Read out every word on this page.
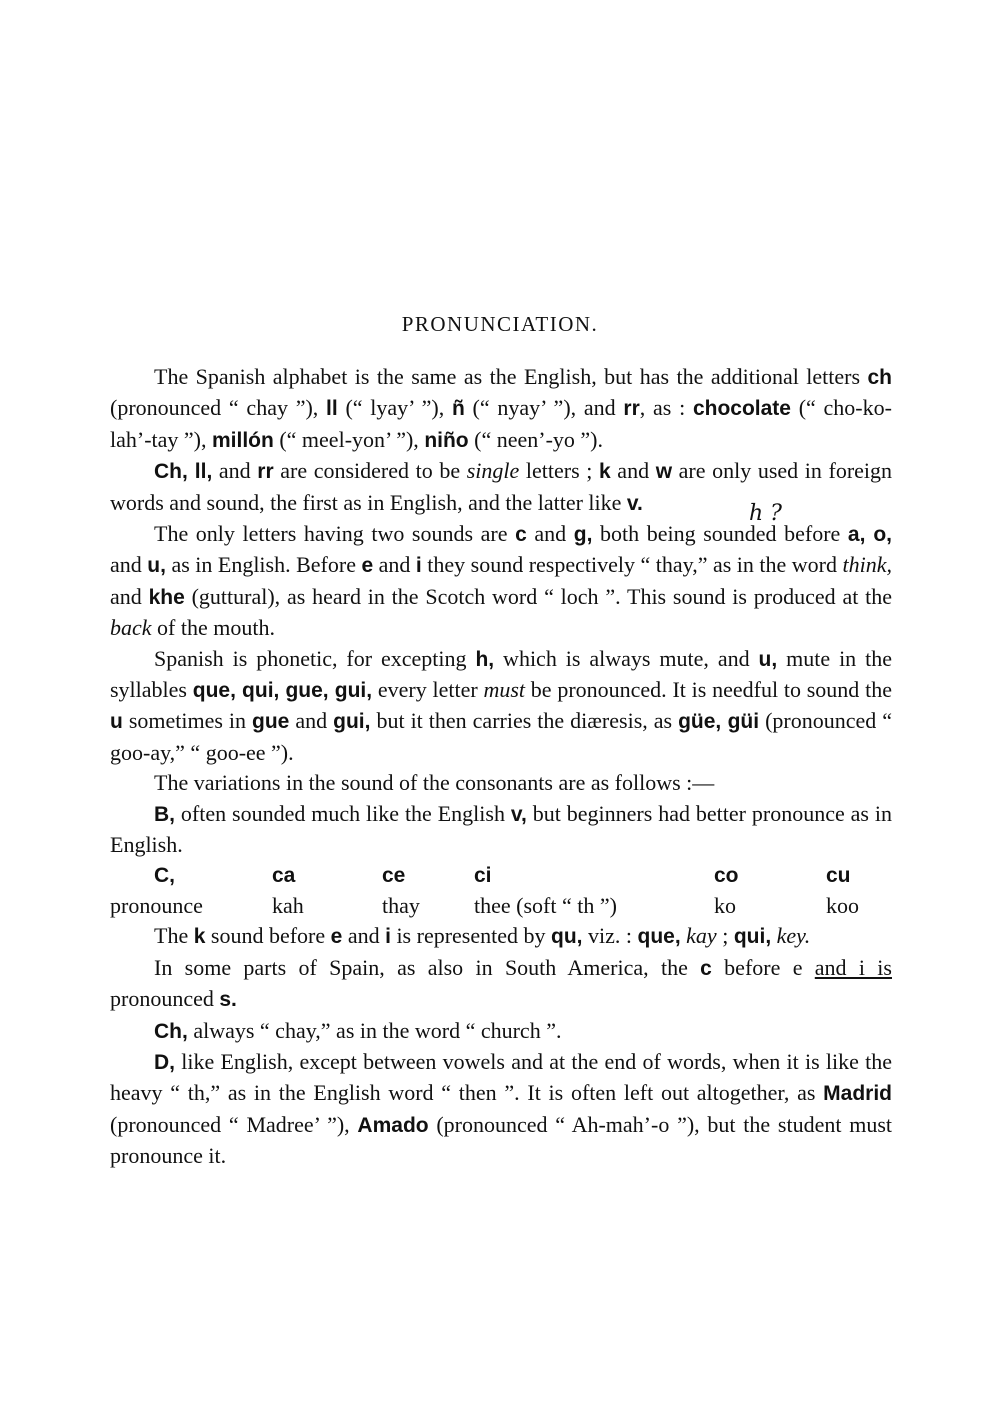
PRONUNCIATION.

The Spanish alphabet is the same as the English, but has the additional letters ch (pronounced “ chay ”), ll (“ lyay’ ”), ñ (“ nyay’ ”), and rr, as : chocolate (“ cho-ko-lah’-tay ”), millón (“ meel-yon’ ”), niño (“ neen’-yo ”).

Ch, ll, and rr are considered to be single letters ; k and w are only used in foreign words and sound, the first as in English, and the latter like v.	h ?
The only letters having two sounds are c and g, both being sounded before a, o, and u, as in English. Before e and i they sound respectively “ thay,” as in the word think, and khe (guttural), as heard in the Scotch word “ loch ”. This sound is produced at the back of the mouth.

Spanish is phonetic, for excepting h, which is always mute, and u, mute in the syllables que, qui, gue, gui, every letter must be pronounced. It is needful to sound the u sometimes in gue and gui, but it then carries the diæresis, as güe, güi (pronounced “ goo-ay,” “ goo-ee ”).

The variations in the sound of the consonants are as follows :—

B, often sounded much like the English v, but beginners had better pronounce as in English.

C,	ca	ce	ci	co	cu
pronounce	kah	thay	thee (soft “ th ”)	ko	koo

The k sound before e and i is represented by qu, viz. : que, kay ; qui, key.

In some parts of Spain, as also in South America, the c before e and i is pronounced s.

Ch, always “ chay,” as in the word “ church ”.

D, like English, except between vowels and at the end of words, when it is like the heavy “ th,” as in the English word “ then ”. It is often left out altogether, as Madrid (pronounced “ Madree’ ”), Amado (pronounced “ Ah-mah’-o ”), but the student must pronounce it.
